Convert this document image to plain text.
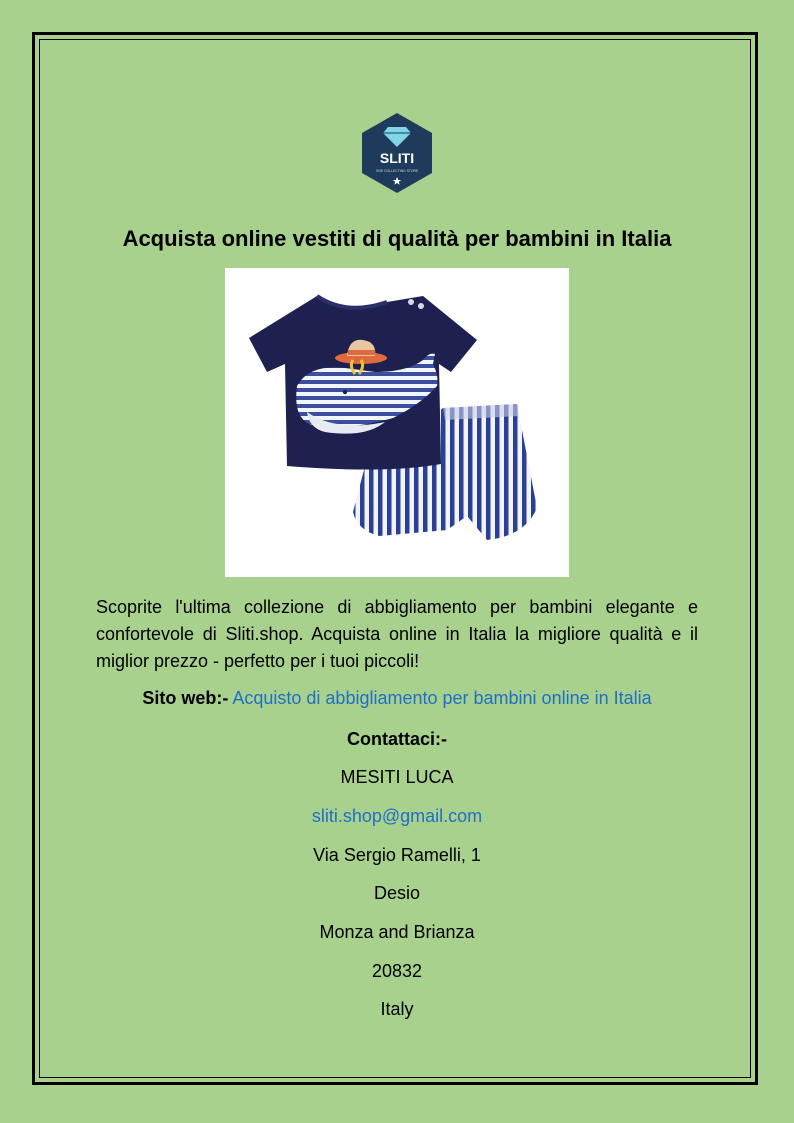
SLITI
ONE COLLECTING STORE
Acquista online vestiti di qualità per bambini in Italia
Scoprite l'ultima collezione di abbigliamento per bambini elegante e confortevole di Sliti.shop. Acquista online in Italia la migliore qualità e il miglior prezzo - perfetto per i tuoi piccoli!
Sito web:- Acquisto di abbigliamento per bambini online in Italia
Contattaci:-
MESITI LUCA
sliti.shop@gmail.com
Via Sergio Ramelli, 1
Desio
Monza and Brianza
20832
Italy
